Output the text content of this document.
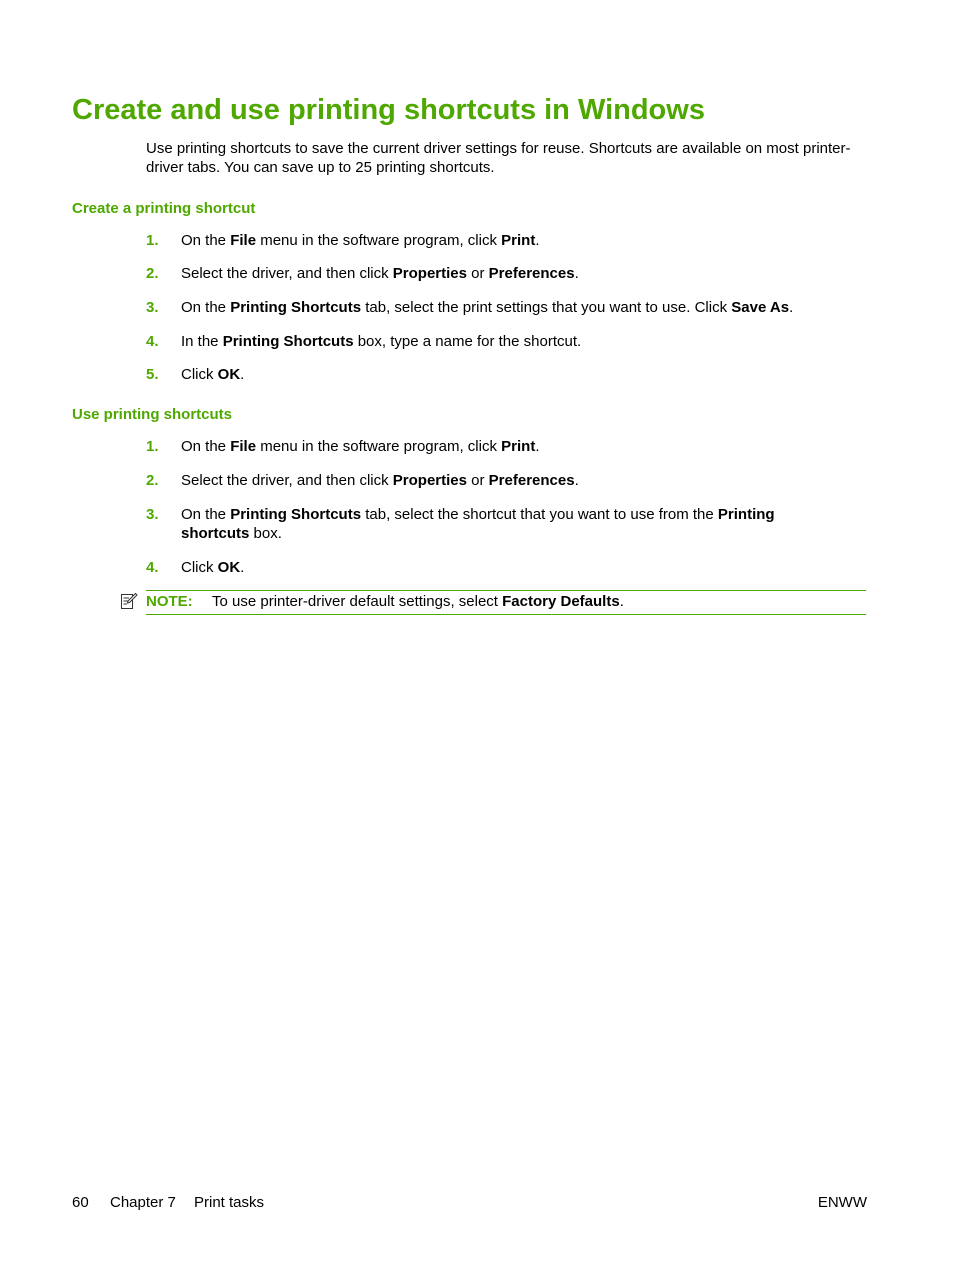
Create and use printing shortcuts in Windows

Use printing shortcuts to save the current driver settings for reuse. Shortcuts are available on most printer-driver tabs. You can save up to 25 printing shortcuts.

Create a printing shortcut
1. On the File menu in the software program, click Print.
2. Select the driver, and then click Properties or Preferences.
3. On the Printing Shortcuts tab, select the print settings that you want to use. Click Save As.
4. In the Printing Shortcuts box, type a name for the shortcut.
5. Click OK.
Use printing shortcuts
1. On the File menu in the software program, click Print.
2. Select the driver, and then click Properties or Preferences.
3. On the Printing Shortcuts tab, select the shortcut that you want to use from the Printing shortcuts box.
4. Click OK.
NOTE: To use printer-driver default settings, select Factory Defaults.
60 Chapter 7 Print tasks	ENWW
